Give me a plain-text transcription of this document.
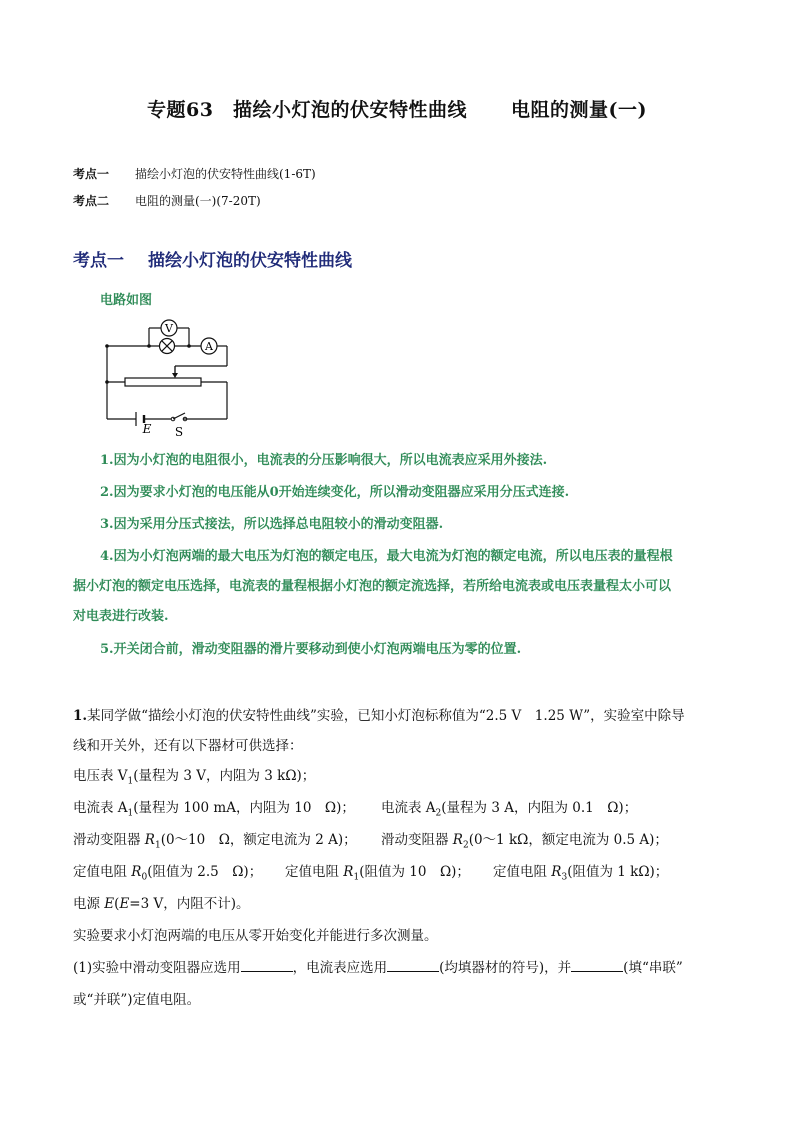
专题63　描绘小灯泡的伏安特性曲线 电阻的测量(一)
考点一 描绘小灯泡的伏安特性曲线(1-6T)
考点二 电阻的测量(一)(7-20T)
考点一 描绘小灯泡的伏安特性曲线
电路如图
V
A
E S
1.因为小灯泡的电阻很小，电流表的分压影响很大，所以电流表应采用外接法.
2.因为要求小灯泡的电压能从0开始连续变化，所以滑动变阻器应采用分压式连接.
3.因为采用分压式接法，所以选择总电阻较小的滑动变阻器.
4.因为小灯泡两端的最大电压为灯泡的额定电压，最大电流为灯泡的额定电流，所以电压表的量程根
据小灯泡的额定电压选择，电流表的量程根据小灯泡的额定流选择，若所给电流表或电压表量程太小可以
对电表进行改装.
5.开关闭合前，滑动变阻器的滑片要移动到使小灯泡两端电压为零的位置.
1.某同学做“描绘小灯泡的伏安特性曲线”实验，已知小灯泡标称值为“2.5 V　1.25 W”，实验室中除导
线和开关外，还有以下器材可供选择：
电压表 $V_1$(量程为 3 V，内阻为 3 kΩ)；
电流表 $A_1$(量程为 100 mA，内阻为 10　Ω)； 电流表 $A_2$(量程为 3 A，内阻为 0.1　Ω)；
滑动变阻器 $R_1(0\sim 10$　Ω，额定电流为 2 A)； 滑动变阻器 $R_2(0\sim 1$ kΩ，额定电流为 0.5 A)；
定值电阻 $R_0$(阻值为 2.5　Ω)； 定值电阻 $R_1$(阻值为 10　Ω)； 定值电阻 $R_3$(阻值为 1 kΩ)；
电源 E(E=3 V，内阻不计)。
实验要求小灯泡两端的电压从零开始变化并能进行多次测量。
(1)实验中滑动变阻器应选用	，电流表应选用	(均填器材的符号)，并	(填“串联”
或“并联”)定值电阻。
